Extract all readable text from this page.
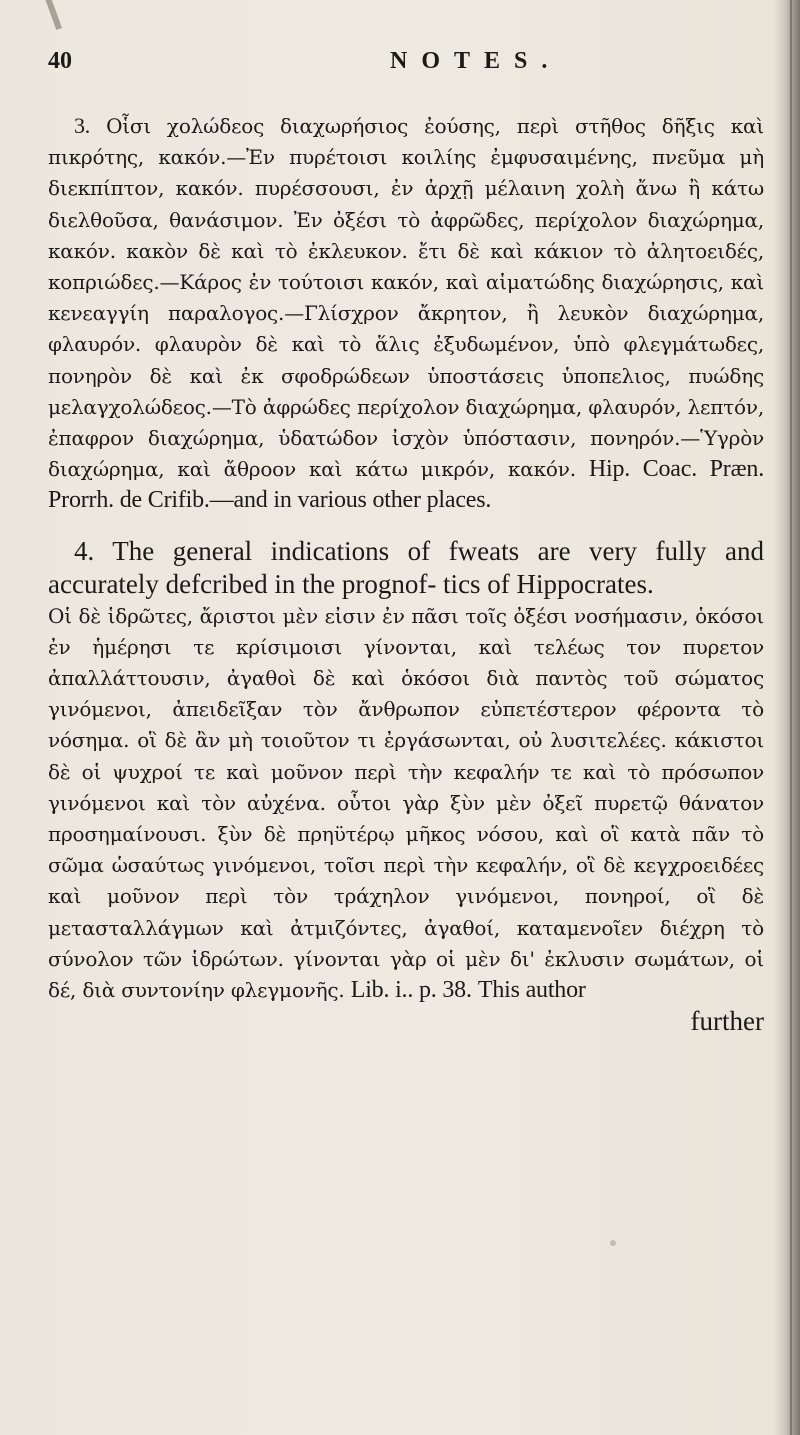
40	NOTES.

3. Οἷσι χολώδεος διαχωρήσιος ἐούσης, περὶ στῆθος δῆξις καὶ πικρότης, κακόν.—Ἐν πυρέτοισι κοιλίης ἐμφυσαιμένης, πνεῦμα μὴ διεκπίπτον, κακόν. πυρέσσουσι, ἐν ἀρχῇ μέλαινη χολὴ ἄνω ἢ κάτω διελθοῦσα, θανάσιμον. Ἐν ὀξέσι τὸ ἀφρῶδες, περίχολον διαχώρημα, κακόν. κακὸν δὲ καὶ τὸ ἐκλευκον. ἔτι δὲ καὶ κάκιον τὸ ἀλητοειδές, κοπριώδες.—Κάρος ἐν τούτοισι κακόν, καὶ αἱματώδης διαχώρησις, καὶ κενεαγγίη παραλογος.—Γλίσχρον ἄκρητον, ἢ λευκὸν διαχώρημα, φλαυρόν. φλαυρὸν δὲ καὶ τὸ ἅλις ἐξυδωμένον, ὑπὸ φλεγμάτωδες, πονηρὸν δὲ καὶ ἐκ σφοδρώδεων ὑποστάσεις ὑποπελιος, πυώδης μελαγχολώδεος.—Τὸ ἀφρώδες περίχολον διαχώρημα, φλαυρόν, λεπτόν, ἐπαφρον διαχώρημα, ὑδατώδον ἰσχὸν ὑπόστασιν, πονηρόν.—Ὑγρὸν διαχώρημα, καὶ ἄθροον καὶ κάτω μικρόν, κακόν. Hip. Coac. Præn. Prorrh. de Crifib.—and in various other places.

4. The general indications of fweats are very fully and accurately defcribed in the prognof- tics of Hippocrates.

Οἱ δὲ ἱδρῶτες, ἄριστοι μὲν εἰσιν ἐν πᾶσι τοῖς ὀξέσι νοσήμασιν, ὁκόσοι ἐν ἡμέρησι τε κρίσιμοισι γίνονται, καὶ τελέως τον πυρετον ἀπαλλάττουσιν, ἀγαθοὶ δὲ καὶ ὁκόσοι διὰ παντὸς τοῦ σώματος γινόμενοι, ἀπειδεῖξαν τὸν ἄνθρωπον εὐπετέστερον φέροντα τὸ νόσημα. οἳ δὲ ἂν μὴ τοιοῦτον τι ἐργάσωνται, οὐ λυσιτελέες. κάκιστοι δὲ οἱ ψυχροί τε καὶ μοῦνον περὶ τὴν κεφαλήν τε καὶ τὸ πρόσωπον γινόμενοι καὶ τὸν αὐχένα. οὗτοι γὰρ ξὺν μὲν ὀξεῖ πυρετῷ θάνατον προσημαίνουσι. ξὺν δὲ πρηϋτέρῳ μῆκος νόσου, καὶ οἳ κατὰ πᾶν τὸ σῶμα ὡσαύτως γινόμενοι, τοῖσι περὶ τὴν κεφαλήν, οἳ δὲ κεγχροειδέες καὶ μοῦνον περὶ τὸν τράχηλον γινόμενοι, πονηροί, οἳ δὲ μετασταλλάγμων καὶ ἀτμιζόντες, ἀγαθοί, καταμενοῖεν διέχρη τὸ σύνολον τῶν ἱδρώτων. γίνονται γὰρ οἱ μὲν δι' ἐκλυσιν σωμάτων, οἱ δέ, διὰ συντονίην φλεγμονῆς. Lib. i.. p. 38. This author

further
